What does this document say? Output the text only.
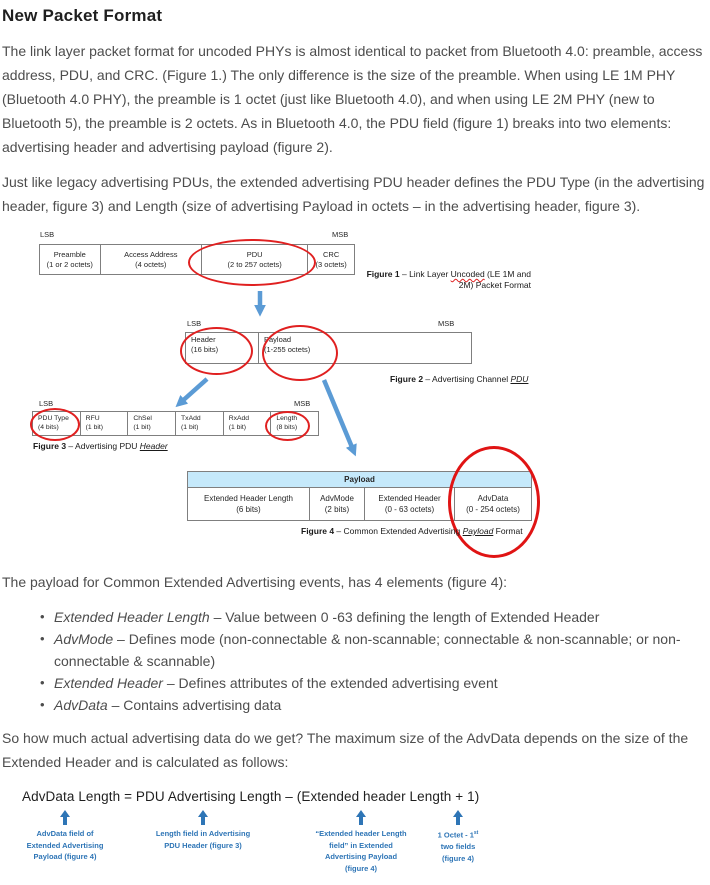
New Packet Format

The link layer packet format for uncoded PHYs is almost identical to packet from Bluetooth 4.0: preamble, access address, PDU, and CRC. (Figure 1.) The only difference is the size of the preamble. When using LE 1M PHY (Bluetooth 4.0 PHY), the preamble is 1 octet (just like Bluetooth 4.0), and when using LE 2M PHY (new to Bluetooth 5), the preamble is 2 octets. As in Bluetooth 4.0, the PDU field (figure 1) breaks into two elements: advertising header and advertising payload (figure 2).

Just like legacy advertising PDUs, the extended advertising PDU header defines the PDU Type (in the advertising header, figure 3) and Length (size of advertising Payload in octets – in the advertising header, figure 3).

LSB	MSB
Preamble
(1 or 2 octets)
Access Address
(4 octets)
PDU
(2 to 257 octets)
CRC
(3 octets)
Figure 1 – Link Layer Uncoded (LE 1M and
2M) Packet Format
LSB	MSB
Header
(16 bits)
Payload
(1-255 octets)
Figure 2 – Advertising Channel PDU
LSB	MSB
PDU Type
(4 bits)
RFU
(1 bit)
ChSel
(1 bit)
TxAdd
(1 bit)
RxAdd
(1 bit)
Length
(8 bits)
Figure 3 – Advertising PDU Header
Payload
Extended Header Length
(6 bits)
AdvMode
(2 bits)
Extended Header
(0 - 63 octets)
AdvData
(0 - 254 octets)
Figure 4 – Common Extended Advertising Payload Format

The payload for Common Extended Advertising events, has 4 elements (figure 4):

• Extended Header Length – Value between 0 -63 defining the length of Extended Header
• AdvMode – Defines mode (non-connectable & non-scannable; connectable & non-scannable; or non-connectable & scannable)
• Extended Header – Defines attributes of the extended advertising event
• AdvData – Contains advertising data

So how much actual advertising data do we get? The maximum size of the AdvData depends on the size of the Extended Header and is calculated as follows:

AdvData Length = PDU Advertising Length – (Extended header Length + 1)
AdvData field of
Extended Advertising
Payload (figure 4)
Length field in Advertising
PDU Header (figure 3)
“Extended header Length
field” in Extended
Advertising Payload
(figure 4)
1 Octet - 1st
two fields
(figure 4)
